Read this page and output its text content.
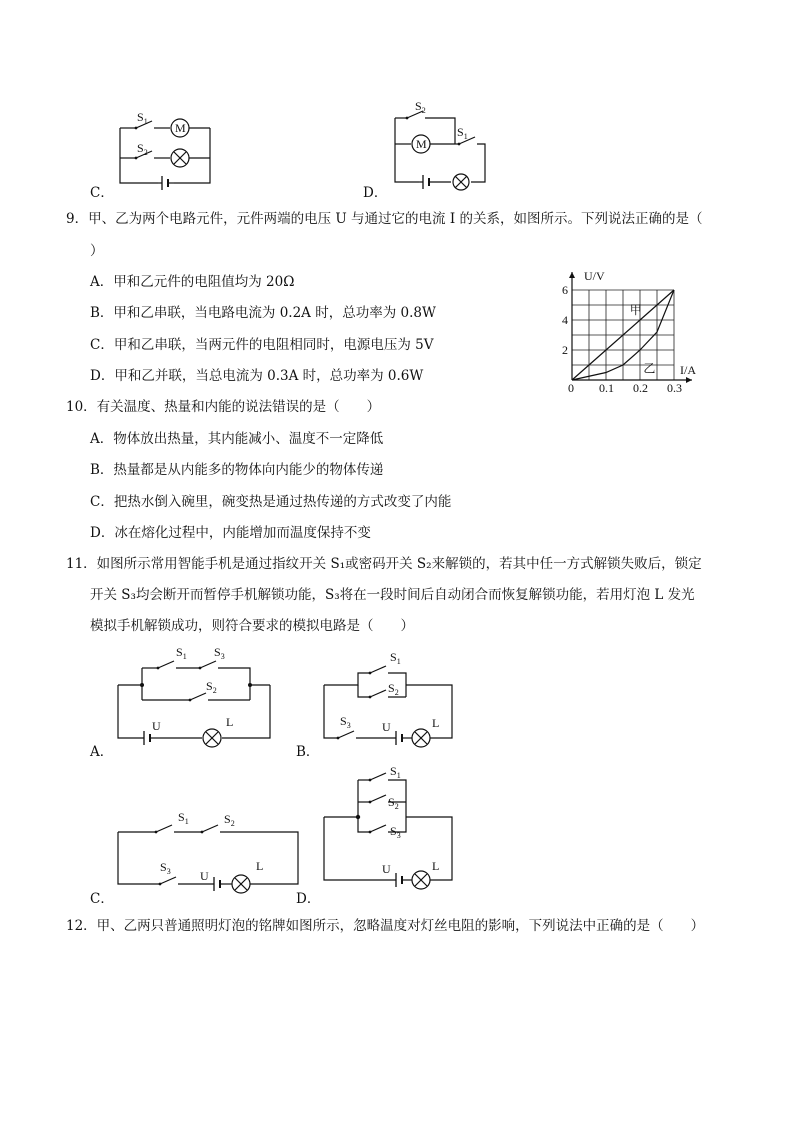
C．
$S_1$
$S_2$
M
D．
$S_2$
$S_1$
M
9．甲、乙为两个电路元件，元件两端的电压 U 与通过它的电流 I 的关系，如图所示。下列说法正确的是（
）
A．甲和乙元件的电阻值均为 20Ω
B．甲和乙串联，当电路电流为 0.2A 时，总功率为 0.8W
C．甲和乙串联，当两元件的电阻相同时，电源电压为 5V
D．甲和乙并联，当总电流为 0.3A 时，总功率为 0.6W
0 0.1 0.2 0.3
2
4
6
I/A
U/V
甲
乙
10．有关温度、热量和内能的说法错误的是（　　）
A．物体放出热量，其内能减小、温度不一定降低
B．热量都是从内能多的物体向内能少的物体传递
C．把热水倒入碗里，碗变热是通过热传递的方式改变了内能
D．冰在熔化过程中，内能增加而温度保持不变
11．如图所示常用智能手机是通过指纹开关 S₁或密码开关 S₂来解锁的，若其中任一方式解锁失败后，锁定
开关 S₃均会断开而暂停手机解锁功能，S₃将在一段时间后自动闭合而恢复解锁功能，若用灯泡 L 发光
模拟手机解锁成功，则符合要求的模拟电路是（　　）
A．
$S_1$ $S_3$
$S_2$
U	L
B．
$S_1$
$S_2$
$S_3$	U	L
C．
$S_1$	$S_2$
$S_3$ U
L
D．
$S_1$
$S_2$
$S_3$
U	L
12．甲、乙两只普通照明灯泡的铭牌如图所示，忽略温度对灯丝电阻的影响，下列说法中正确的是（　　）
